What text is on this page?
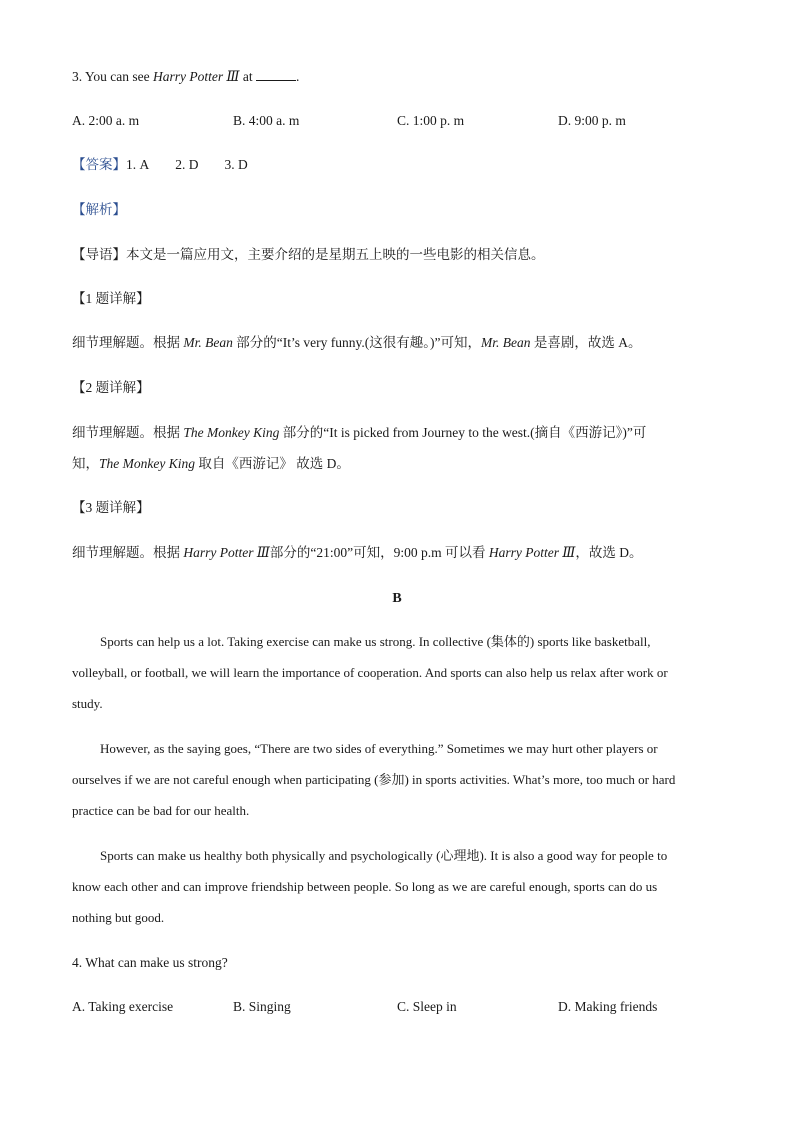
3. You can see Harry Potter Ⅲ at	.
A. 2:00 a. m	B. 4:00 a. m	C. 1:00 p. m	D. 9:00 p. m
【答案】1. A 2. D 3. D
【解析】
【导语】本文是一篇应用文，主要介绍的是星期五上映的一些电影的相关信息。
【1 题详解】
细节理解题。根据 Mr. Bean 部分的“It’s very funny.(这很有趣。)”可知，Mr. Bean 是喜剧，故选 A。
【2 题详解】
细节理解题。根据 The Monkey King 部分的“It is picked from Journey to the west.(摘自《西游记》)”可
知，The Monkey King 取自《西游记》 故选 D。
【3 题详解】
细节理解题。根据 Harry Potter Ⅲ部分的“21:00”可知，9:00 p.m 可以看 Harry Potter Ⅲ，故选 D。
B
Sports can help us a lot. Taking exercise can make us strong. In collective (集体的) sports like basketball,
volleyball, or football, we will learn the importance of cooperation. And sports can also help us relax after work or
study.
However, as the saying goes, “There are two sides of everything.” Sometimes we may hurt other players or
ourselves if we are not careful enough when participating (参加) in sports activities. What’s more, too much or hard
practice can be bad for our health.
Sports can make us healthy both physically and psychologically (心理地). It is also a good way for people to
know each other and can improve friendship between people. So long as we are careful enough, sports can do us
nothing but good.
4. What can make us strong?
A. Taking exercise	B. Singing	C. Sleep in	D. Making friends
